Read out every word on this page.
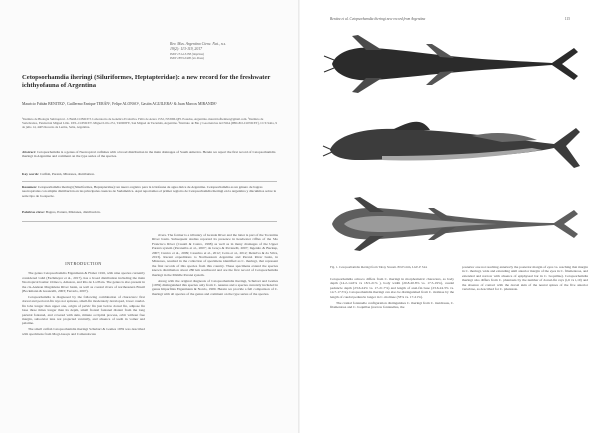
Rev. Mus. Argentino Cienc. Nat., n.s.
19(2): 113-119, 2017
ISSN 1514-5158 (impresa)
ISSN 1853-0400 (en línea)
Cetopsorhamdia iheringi (Siluriformes, Heptapteridae): a new record for the freshwater ichthyofauna of Argentina
Mauricio Fabián BENITEZ¹, Guillermo Enrique TERÁN², Felipe ALONSO², Gastón AGUILERA² & Juan Marcos MIRANDE²
¹Instituto de Biología Subtropical - UNaM-CONICET. Laboratorio de Genética Evolutiva. Félix de Azara 1552, N3300LQH. Posadas, Argentina. mauriciofbenitez@gmail.com. ²Instituto de Vertebrados, Fundación Miguel Lillo. UEL-CONICET. Miguel Lillo 251, T4000JFE, San Miguel de Tucumán, Argentina. ³Instituto de Bio y Geociencias del NOA (IBIGEO-CONICET), CCT-Salta, 9 de julio 14, 4405 Rosario de Lerma, Salta, Argentina.
Abstract: Cetopsorhamdia is a genus of Neotropical catfishes with a broad distribution in the main drainages of South America. Herein we report the first record of Cetopsorhamdia iheringi in Argentina and comment on the type series of the species.
Key words: Catfish, Paraná, Misiones, distribution.
Resumen: Cetopsorhamdia iheringi (Siluriformes, Heptapteridae): un nuevo registro para la ictiofauna de agua dulce de Argentina. Cetopsorhamdia es un género de bagres neotropicales con amplia distribución en las principales cuencas de Sudamérica. Aquí reportamos el primer registro de Cetopsorhamdia iheringi en la Argentina y discutimos sobre la serie tipo de la especie.
Palabras clave: Bagres, Paraná, Misiones, distribución.
INTRODUCTION

The genus Cetopsorhamdia Eigenmann & Fisher 1916, with nine species currently considered valid (Eschmeyer et al., 2017), has a broad distribution including the main Neotropical basins: Orinoco, Amazon, and Río de La Plata. The genus is also present in the cis-Andean Magdalena River basin, as well as coastal rivers of northeastern Brazil (Bockmann & Guazzelli, 2003; Ferraris, 2007).

Cetopsorhamdia is diagnosed by the following combination of characters: first dorsal and pectoral-fin rays not spinous, small-fin moderately developed, lower caudal-fin lobe longer than upper one, origin of pelvic fin just below dorsal fin, adipose fin base three times longer than its depth, small frontal fontanel distant from the long parietal fontanel, and covered with skin, minute occipital process, orbit without free margin, subocular lens not projected ventrally, and absence of teeth in vomer and palatine.

The small catfish Cetopsorhamdia iheringi Schubart & Gomes 1959 was described with specimens from Mogi-Guaçu and Camandocaia

rivers. The former is a tributary of Grande River and the latter is part of the Tocantins River basin. Subsequent studies reported its presence in headwater riffles of the São Francisco River (Casatti & Castro, 1998) as well as in many drainages of the Upper Paraná system (Paranaíba et al., 2007; da Graça & Pavanelli, 2007; Ingenito & Buckup, 2007; Cunico et al., 2009; Casarino et al., 2012; Cetra et al., 2012; Delariva & da Silva, 2013). Recent expeditions to Northeastern Argentina and Paraná River basin, in Misiones, resulted in the collection of specimens identified as C. iheringi, that represent the first records of this species from this country. These specimens extend the species known distribution about 280 km southward and are the first record of Cetopsorhamdia iheringi in the Middle Paraná system.

Along with the original diagnosis of Cetopsorhamdia iheringi, Schubart and Gomes (1959) distinguished this species only from C. nasutus and a species currently included in genus Imparfinis Eigenmann & Norris, 1900. Herein we provide a full comparison of C. iheringi with all species of the genus and comment on the type series of the species.

Benitez et al. Cetopsorhamdia iheringi new record from Argentina	115
Fig. 1. Cetopsorhamdia iheringi from Tabay Stream. 80.05 mm, LGE-P 344.

Cetopsorhamdia orinoco differs from C. iheringi in morphometric characters, as body depth (14.2-14.6% vs 18.5-21% ), body width (20.8-20.8% vs. 17.5-19%), caudal peduncle depth (23.6-24% vs. 17-21.7%) and length of anal-fin base (23.6-24.3% vs. 14.7-17.5%). Cetopsorhamdia iheringi can also be distinguished from C. molinae by the length of caudal peduncle longer in C. molinae (33% vs. 17-21%).

The cranial fontanelle configuration distinguishes C. iheringi from C. insidiosus, C. filamentosa and C. boquillae (narrow fontanelles, the

posterior one not reaching anteriorly the posterior margin of eyes vs. reaching that margin in C. iheringi, wide and extending until anterior margin of the eyes in C. filamentosa, and extended and narrow with absence of epiphyseal bar in C. boquillae). Cetopsorhamdia iheringi also differs from C. phantasia by the number of dorsal-fin rays (i,6 vs i,10) and the absence of contact with the dorsal skin of the neural spines of the five anterior vertebrae, as described for C. phantasia.
